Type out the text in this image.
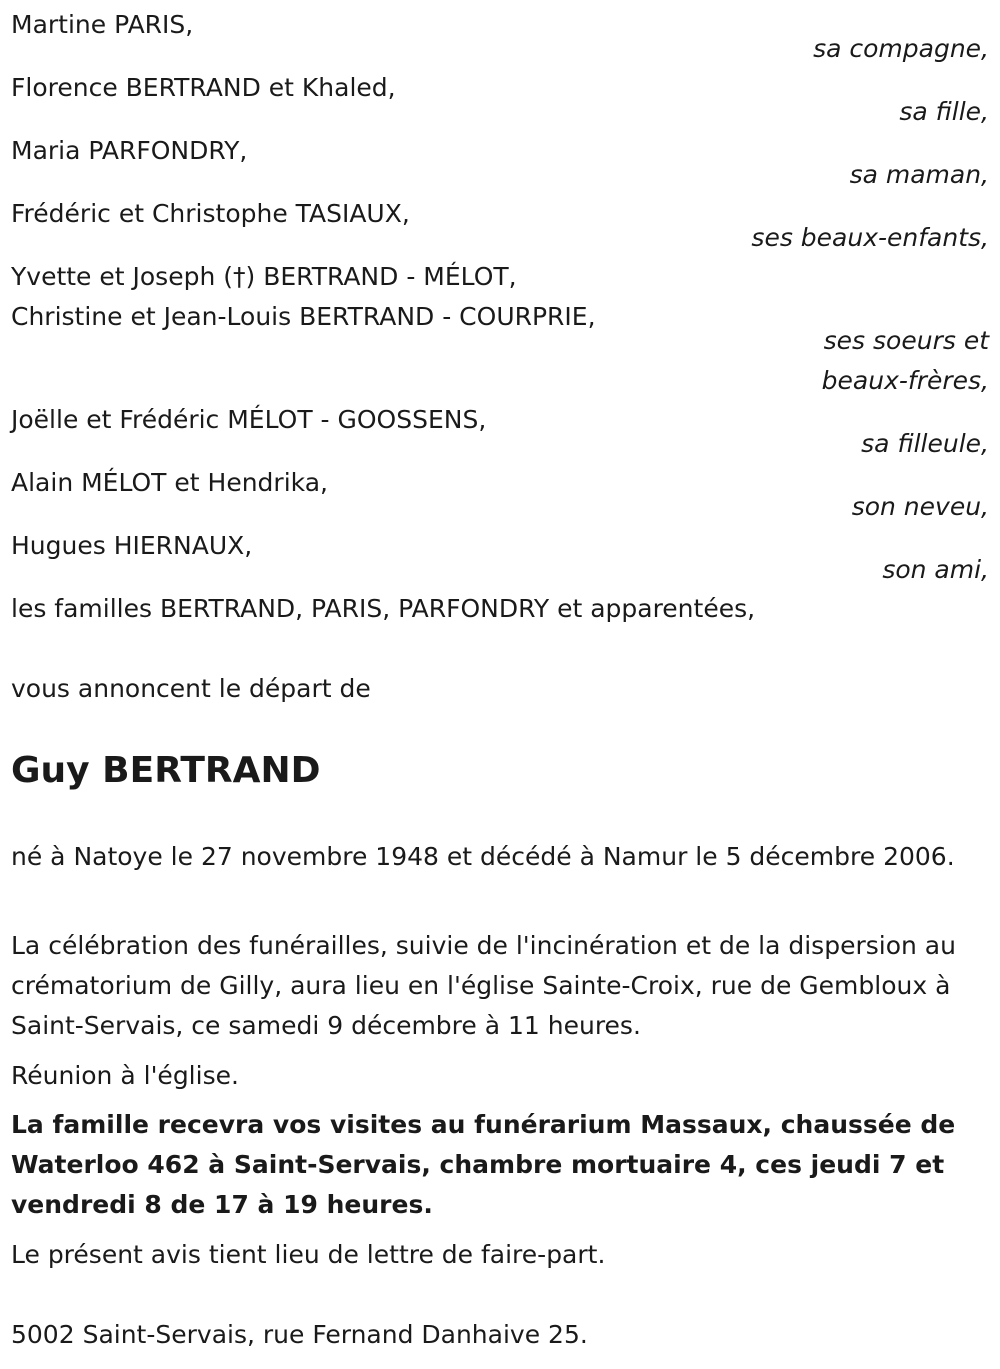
Martine PARIS,
sa compagne,
Florence BERTRAND et Khaled,
sa fille,
Maria PARFONDRY,
sa maman,
Frédéric et Christophe TASIAUX,
ses beaux-enfants,
Yvette et Joseph (†) BERTRAND - MÉLOT,
Christine et Jean-Louis BERTRAND - COURPRIE,
ses soeurs et
beaux-frères,
Joëlle et Frédéric MÉLOT - GOOSSENS,
sa filleule,
Alain MÉLOT et Hendrika,
son neveu,
Hugues HIERNAUX,
son ami,
les familles BERTRAND, PARIS, PARFONDRY et apparentées,
vous annoncent le départ de
Guy BERTRAND
né à Natoye le 27 novembre 1948 et décédé à Namur le 5 décembre 2006.
La célébration des funérailles, suivie de l'incinération et de la dispersion au crématorium de Gilly, aura lieu en l'église Sainte-Croix, rue de Gembloux à Saint-Servais, ce samedi 9 décembre à 11 heures.
Réunion à l'église.
La famille recevra vos visites au funérarium Massaux, chaussée de Waterloo 462 à Saint-Servais, chambre mortuaire 4, ces jeudi 7 et vendredi 8 de 17 à 19 heures.
Le présent avis tient lieu de lettre de faire-part.
5002 Saint-Servais, rue Fernand Danhaive 25.
